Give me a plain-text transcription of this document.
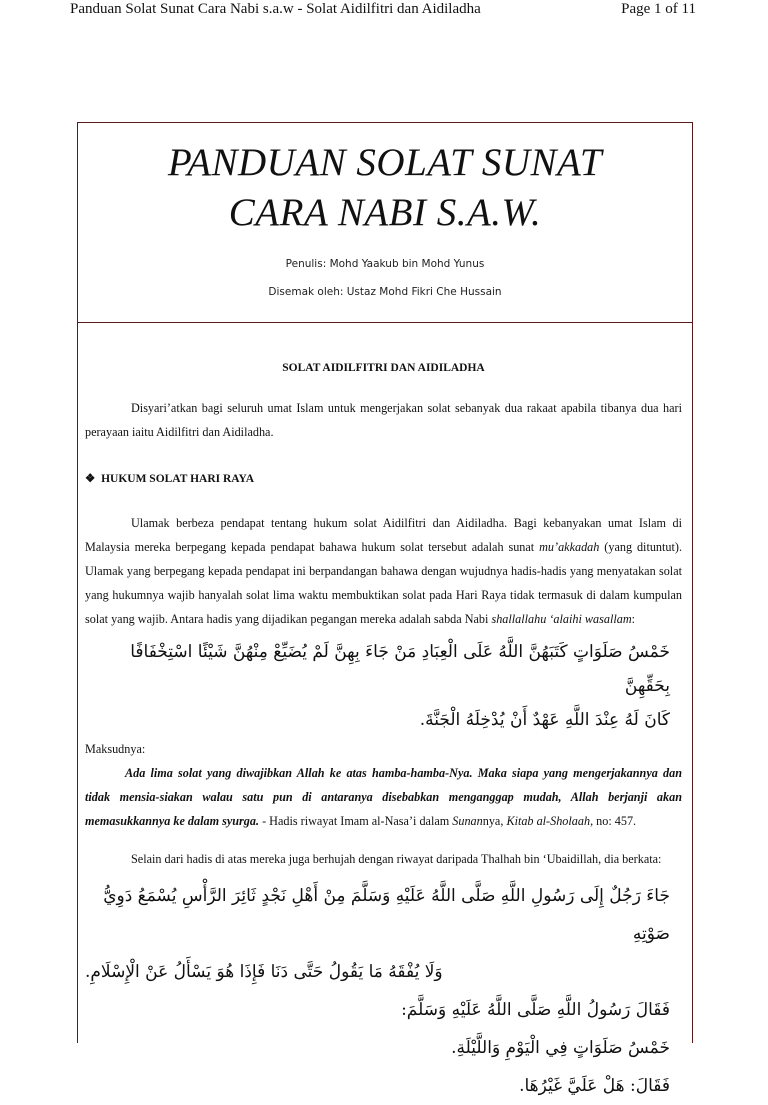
Panduan Solat Sunat Cara Nabi s.a.w - Solat Aidilfitri dan Aidiladha	Page 1 of 11
PANDUAN SOLAT SUNAT
CARA NABI S.A.W.
Penulis: Mohd Yaakub bin Mohd Yunus
Disemak oleh: Ustaz Mohd Fikri Che Hussain
SOLAT AIDILFITRI DAN AIDILADHA

Disyari’atkan bagi seluruh umat Islam untuk mengerjakan solat sebanyak dua rakaat apabila tibanya dua hari perayaan iaitu Aidilfitri dan Aidiladha.

❖ HUKUM SOLAT HARI RAYA

Ulamak berbeza pendapat tentang hukum solat Aidilfitri dan Aidiladha. Bagi kebanyakan umat Islam di Malaysia mereka berpegang kepada pendapat bahawa hukum solat tersebut adalah sunat mu’akkadah (yang dituntut). Ulamak yang berpegang kepada pendapat ini berpandangan bahawa dengan wujudnya hadis-hadis yang menyatakan solat yang hukumnya wajib hanyalah solat lima waktu membuktikan solat pada Hari Raya tidak termasuk di dalam kumpulan solat yang wajib. Antara hadis yang dijadikan pegangan mereka adalah sabda Nabi shallallahu ‘alaihi wasallam:

خَمْسُ صَلَوَاتٍ كَتَبَهُنَّ اللَّهُ عَلَى الْعِبَادِ مَنْ جَاءَ بِهِنَّ لَمْ يُضَيِّعْ مِنْهُنَّ شَيْئًا اسْتِخْفَافًا بِحَقِّهِنَّ
كَانَ لَهُ عِنْدَ اللَّهِ عَهْدٌ أَنْ يُدْخِلَهُ الْجَنَّةَ.

Maksudnya:

Ada lima solat yang diwajibkan Allah ke atas hamba-hamba-Nya. Maka siapa yang mengerjakannya dan tidak mensia-siakan walau satu pun di antaranya disebabkan menganggap mudah, Allah berjanji akan memasukkannya ke dalam syurga. - Hadis riwayat Imam al-Nasa’i dalam Sunannya, Kitab al-Sholaah, no: 457.

Selain dari hadis di atas mereka juga berhujah dengan riwayat daripada Thalhah bin ‘Ubaidillah, dia berkata:

جَاءَ رَجُلٌ إِلَى رَسُولِ اللَّهِ صَلَّى اللَّهُ عَلَيْهِ وَسَلَّمَ مِنْ أَهْلِ نَجْدٍ ثَائِرَ الرَّأْسِ يُسْمَعُ دَوِيُّ صَوْتِهِ
وَلَا يُفْقَهُ مَا يَقُولُ حَتَّى دَنَا فَإِذَا هُوَ يَسْأَلُ عَنْ الْإِسْلَامِ.
فَقَالَ رَسُولُ اللَّهِ صَلَّى اللَّهُ عَلَيْهِ وَسَلَّمَ:
خَمْسُ صَلَوَاتٍ فِي الْيَوْمِ وَاللَّيْلَةِ.
فَقَالَ: هَلْ عَلَيَّ غَيْرُهَا.
